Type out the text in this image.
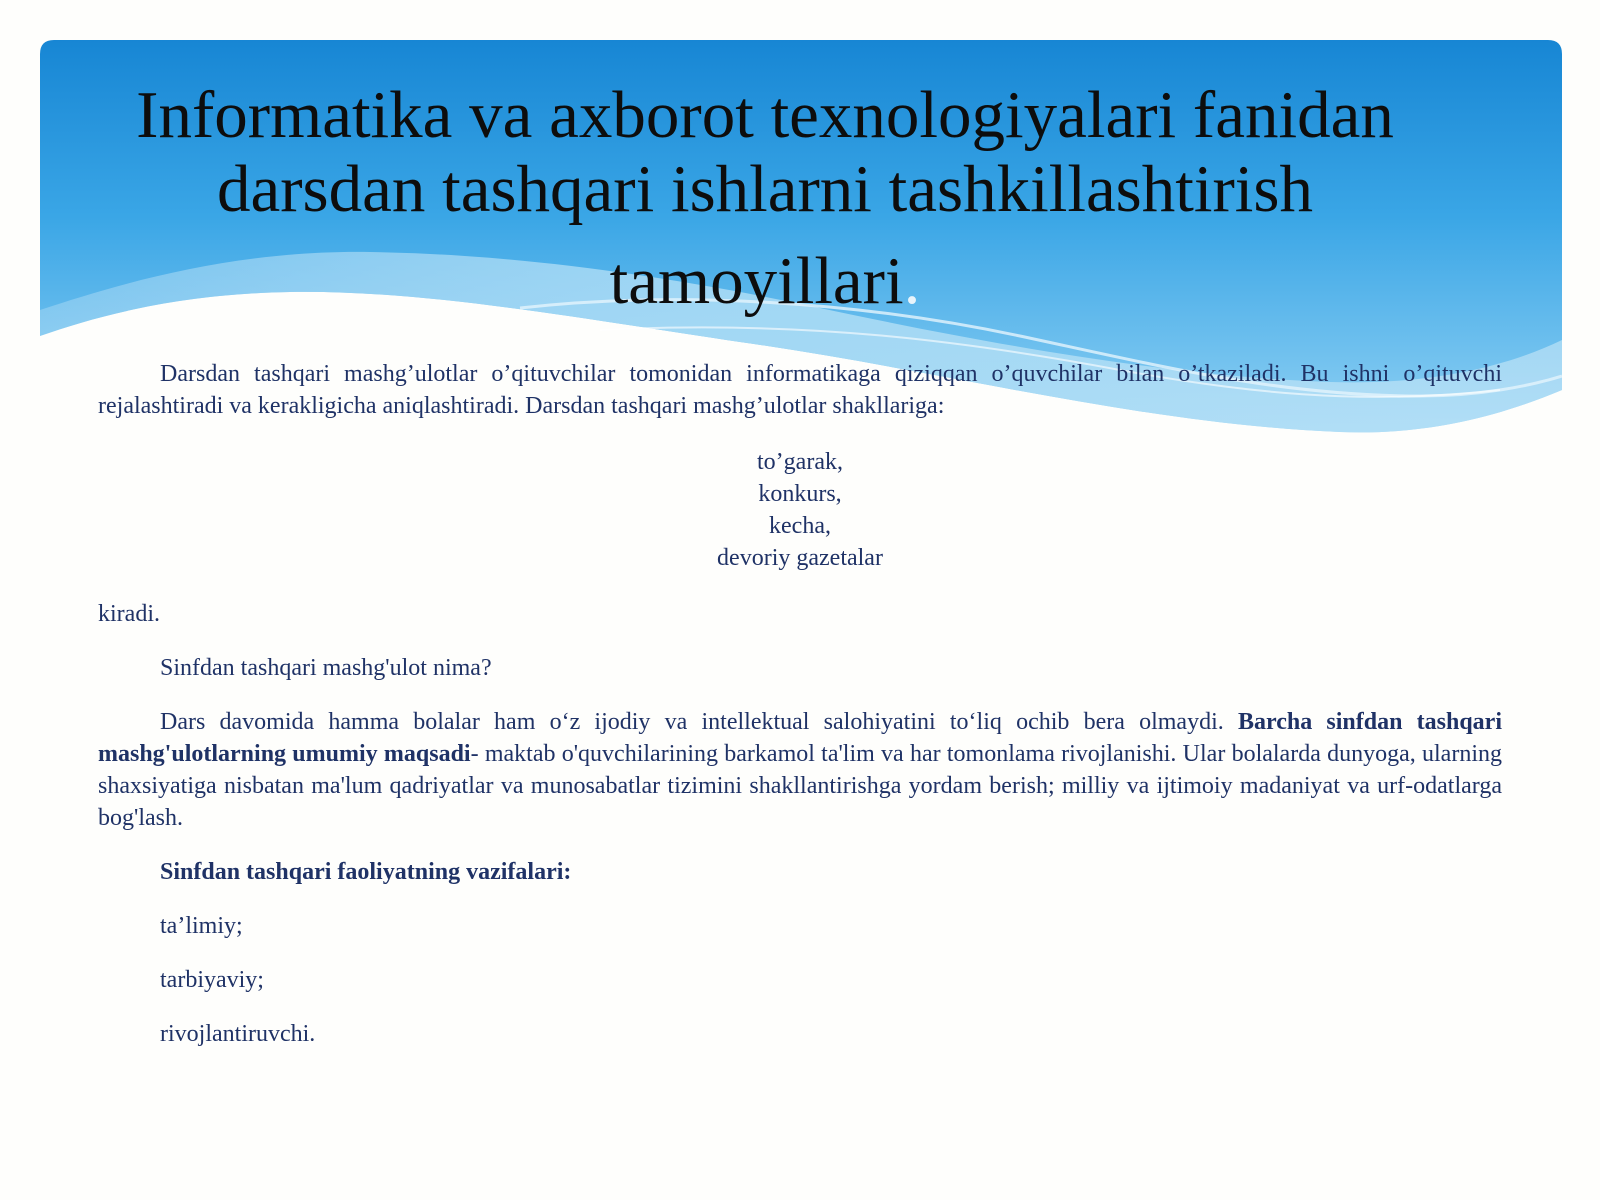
Informatika va axborot texnologiyalari fanidan
darsdan tashqari ishlarni tashkillashtirish
tamoyillari.

Darsdan tashqari mashg’ulotlar o’qituvchilar tomonidan informatikaga qiziqqan o’quvchilar bilan o’tkaziladi. Bu ishni o’qituvchi rejalashtiradi va kerakligicha aniqlashtiradi. Darsdan tashqari mashg’ulotlar shakllariga:

to’garak,
konkurs,
kecha,
devoriy gazetalar

kiradi.

Sinfdan tashqari mashg'ulot nima?

Dars davomida hamma bolalar ham o‘z ijodiy va intellektual salohiyatini to‘liq ochib bera olmaydi. Barcha sinfdan tashqari mashg'ulotlarning umumiy maqsadi- maktab o'quvchilarining barkamol ta'lim va har tomonlama rivojlanishi. Ular bolalarda dunyoga, ularning shaxsiyatiga nisbatan ma'lum qadriyatlar va munosabatlar tizimini shakllantirishga yordam berish; milliy va ijtimoiy madaniyat va urf-odatlarga bog'lash.

Sinfdan tashqari faoliyatning vazifalari:

ta’limiy;

tarbiyaviy;

rivojlantiruvchi.
